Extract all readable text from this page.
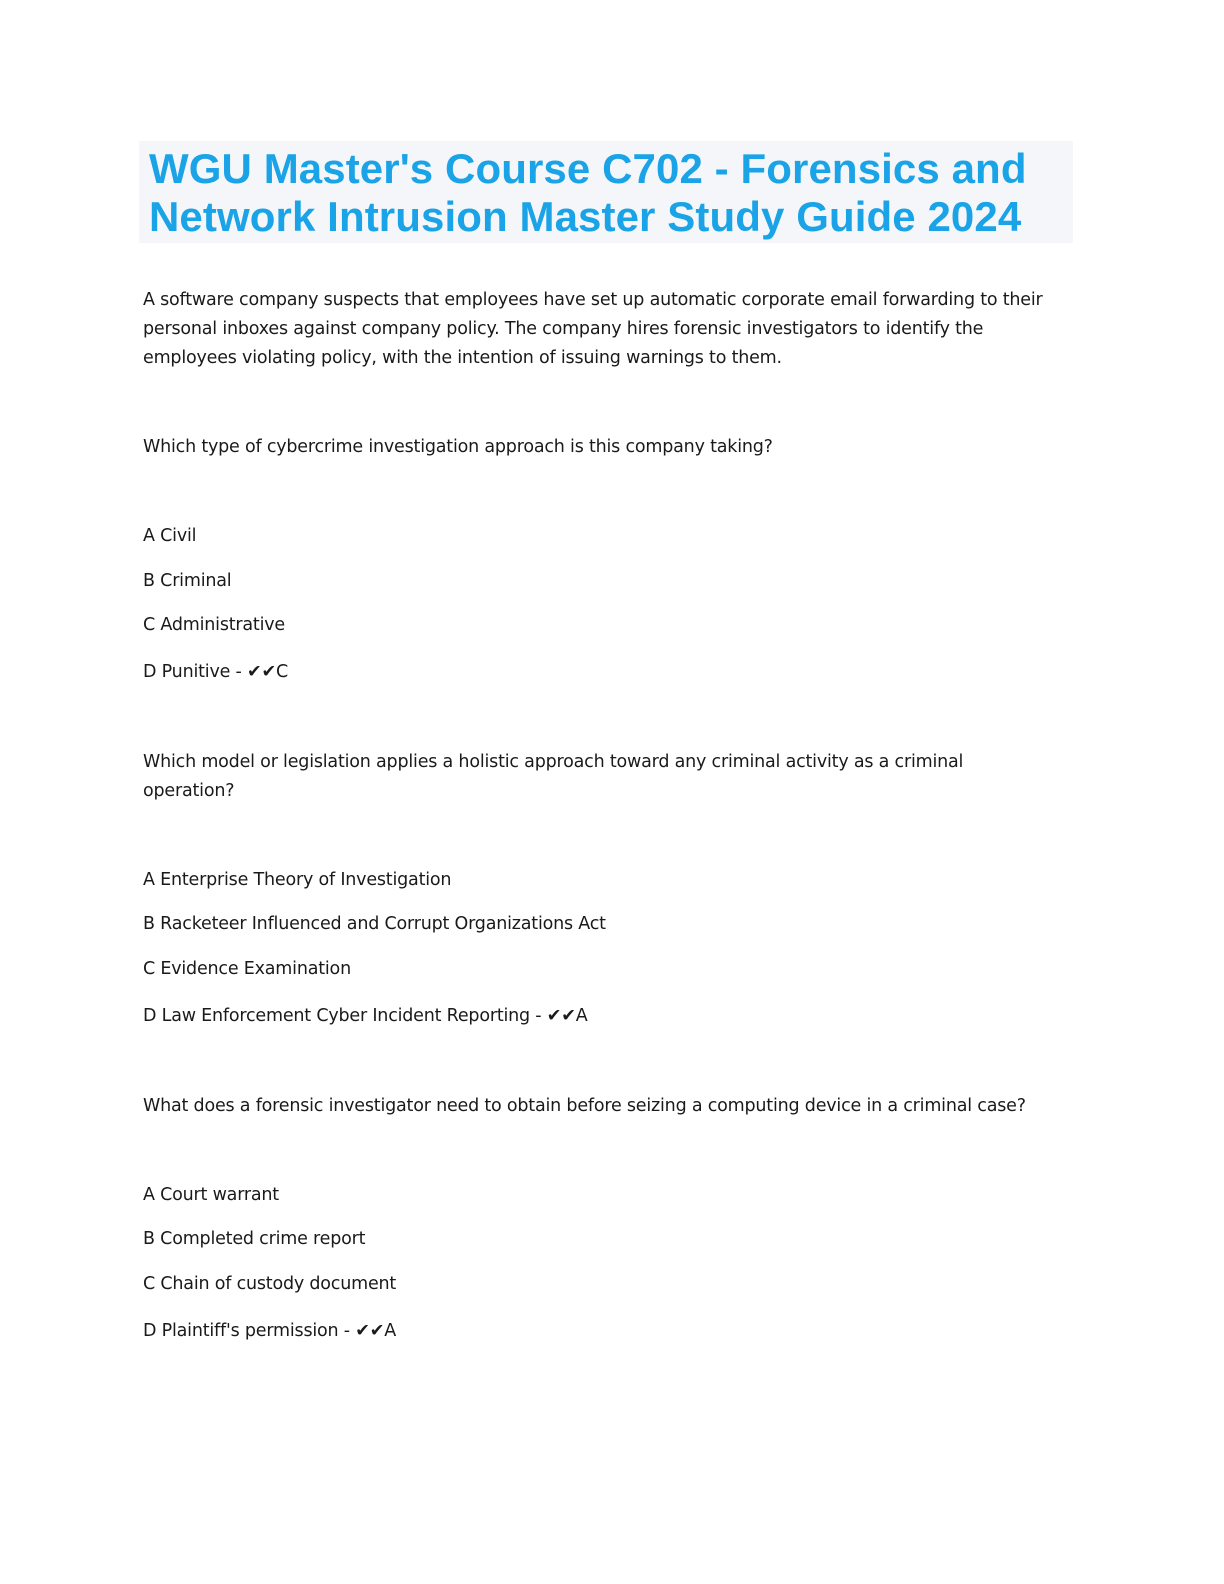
WGU Master's Course C702 - Forensics and
Network Intrusion Master Study Guide 2024
A software company suspects that employees have set up automatic corporate email forwarding to their
personal inboxes against company policy. The company hires forensic investigators to identify the
employees violating policy, with the intention of issuing warnings to them.
Which type of cybercrime investigation approach is this company taking?
A Civil
B Criminal
C Administrative
D Punitive - ✔✔C
Which model or legislation applies a holistic approach toward any criminal activity as a criminal
operation?
A Enterprise Theory of Investigation
B Racketeer Influenced and Corrupt Organizations Act
C Evidence Examination
D Law Enforcement Cyber Incident Reporting - ✔✔A
What does a forensic investigator need to obtain before seizing a computing device in a criminal case?
A Court warrant
B Completed crime report
C Chain of custody document
D Plaintiff's permission - ✔✔A
